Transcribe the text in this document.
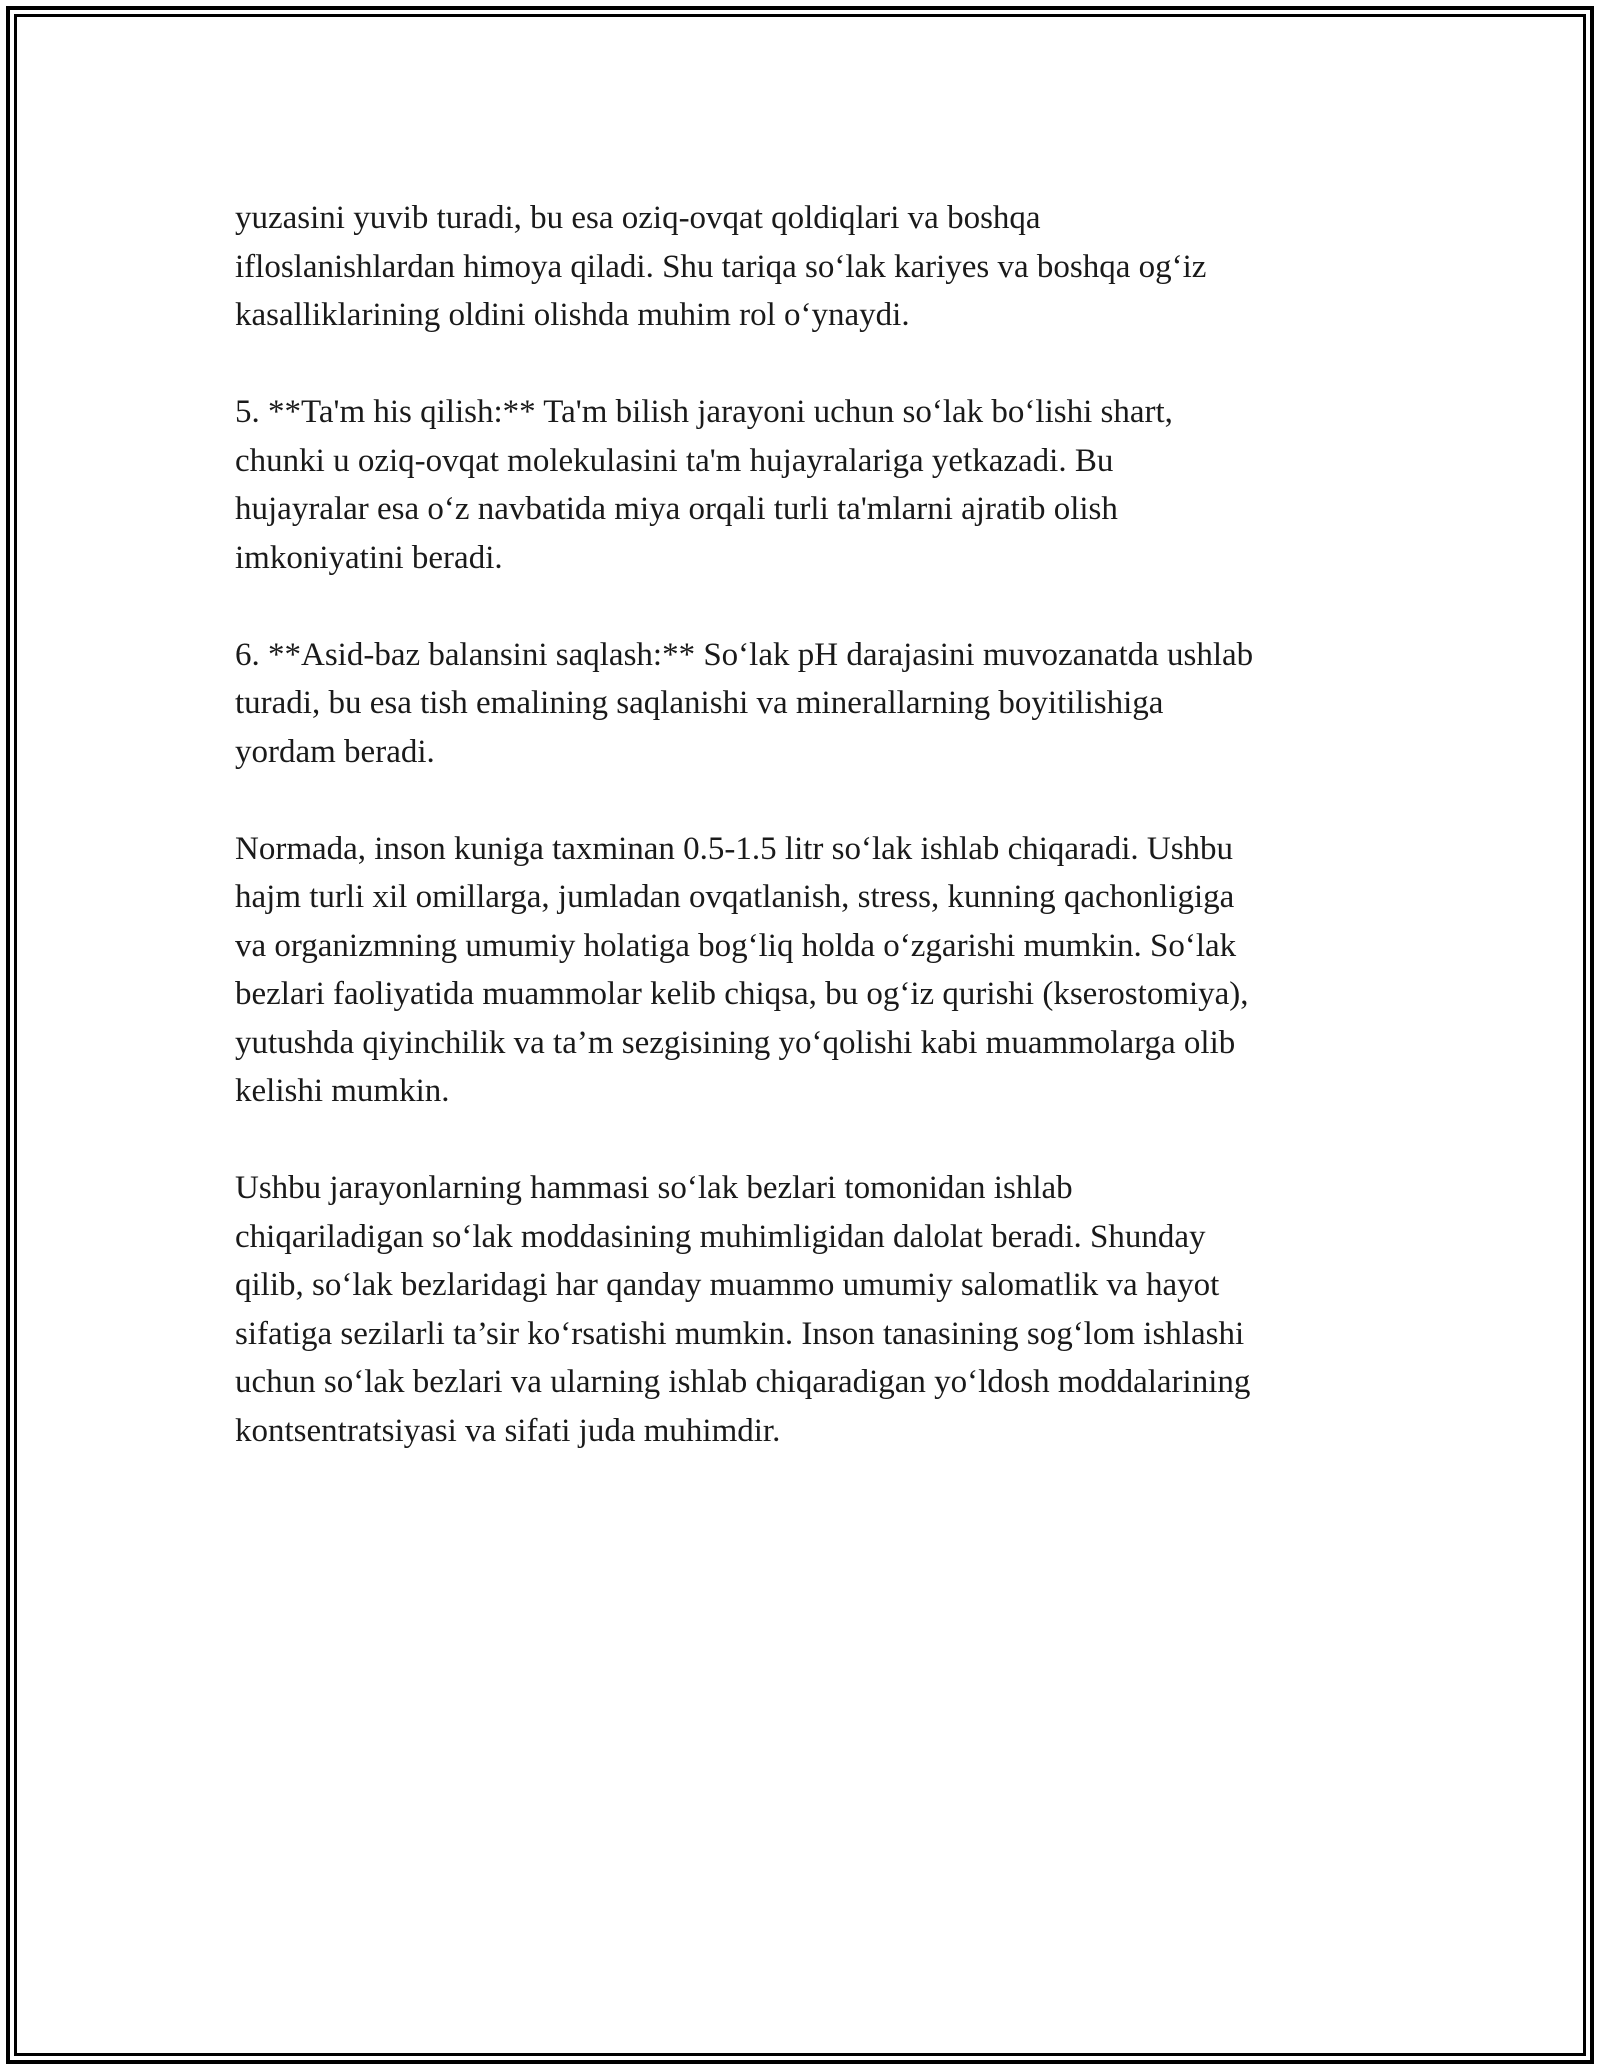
yuzasini yuvib turadi, bu esa oziq-ovqat qoldiqlari va boshqa
ifloslanishlardan himoya qiladi. Shu tariqa soʻlak kariyes va boshqa ogʻiz
kasalliklarining oldini olishda muhim rol oʻynaydi.

5. **Ta'm his qilish:** Ta'm bilish jarayoni uchun soʻlak boʻlishi shart,
chunki u oziq-ovqat molekulasini ta'm hujayralariga yetkazadi. Bu
hujayralar esa oʻz navbatida miya orqali turli ta'mlarni ajratib olish
imkoniyatini beradi.

6. **Asid-baz balansini saqlash:** Soʻlak pH darajasini muvozanatda ushlab
turadi, bu esa tish emalining saqlanishi va minerallarning boyitilishiga
yordam beradi.

Normada, inson kuniga taxminan 0.5-1.5 litr soʻlak ishlab chiqaradi. Ushbu
hajm turli xil omillarga, jumladan ovqatlanish, stress, kunning qachonligiga
va organizmning umumiy holatiga bogʻliq holda oʻzgarishi mumkin. Soʻlak
bezlari faoliyatida muammolar kelib chiqsa, bu ogʻiz qurishi (kserostomiya),
yutushda qiyinchilik va ta’m sezgisining yoʻqolishi kabi muammolarga olib
kelishi mumkin.

Ushbu jarayonlarning hammasi soʻlak bezlari tomonidan ishlab
chiqariladigan soʻlak moddasining muhimligidan dalolat beradi. Shunday
qilib, soʻlak bezlaridagi har qanday muammo umumiy salomatlik va hayot
sifatiga sezilarli ta’sir koʻrsatishi mumkin. Inson tanasining sogʻlom ishlashi
uchun soʻlak bezlari va ularning ishlab chiqaradigan yoʻldosh moddalarining
kontsentratsiyasi va sifati juda muhimdir.
